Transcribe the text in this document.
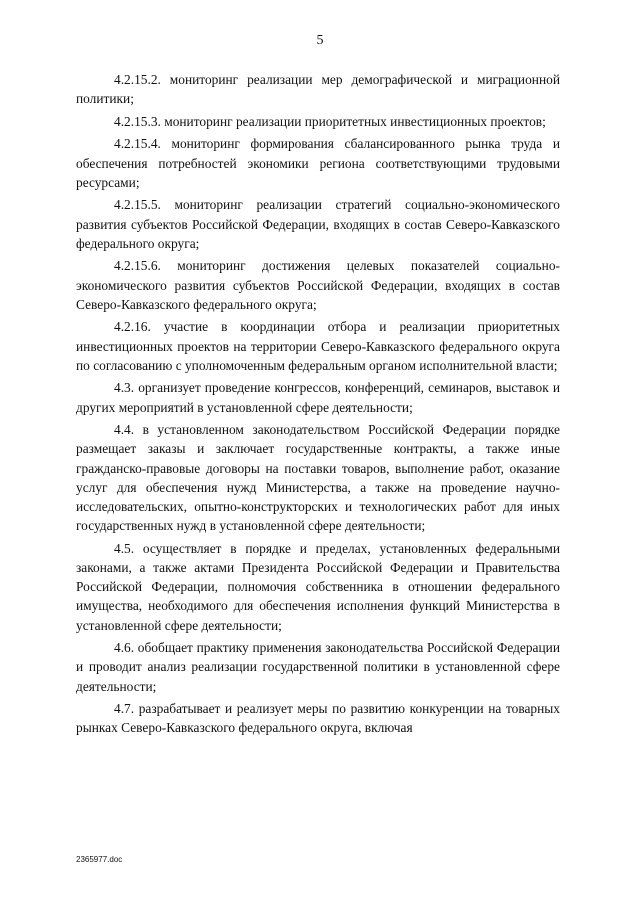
5

4.2.15.2. мониторинг реализации мер демографической и миграционной политики;

4.2.15.3. мониторинг реализации приоритетных инвестиционных проектов;

4.2.15.4. мониторинг формирования сбалансированного рынка труда и обеспечения потребностей экономики региона соответствующими трудовыми ресурсами;

4.2.15.5. мониторинг реализации стратегий социально-экономического развития субъектов Российской Федерации, входящих в состав Северо-Кавказского федерального округа;

4.2.15.6. мониторинг достижения целевых показателей социально-экономического развития субъектов Российской Федерации, входящих в состав Северо-Кавказского федерального округа;

4.2.16. участие в координации отбора и реализации приоритетных инвестиционных проектов на территории Северо-Кавказского федерального округа по согласованию с уполномоченным федеральным органом исполнительной власти;

4.3. организует проведение конгрессов, конференций, семинаров, выставок и других мероприятий в установленной сфере деятельности;

4.4. в установленном законодательством Российской Федерации порядке размещает заказы и заключает государственные контракты, а также иные гражданско-правовые договоры на поставки товаров, выполнение работ, оказание услуг для обеспечения нужд Министерства, а также на проведение научно-исследовательских, опытно-конструкторских и технологических работ для иных государственных нужд в установленной сфере деятельности;

4.5. осуществляет в порядке и пределах, установленных федеральными законами, а также актами Президента Российской Федерации и Правительства Российской Федерации, полномочия собственника в отношении федерального имущества, необходимого для обеспечения исполнения функций Министерства в установленной сфере деятельности;

4.6. обобщает практику применения законодательства Российской Федерации и проводит анализ реализации государственной политики в установленной сфере деятельности;

4.7. разрабатывает и реализует меры по развитию конкуренции на товарных рынках Северо-Кавказского федерального округа, включая

2365977.doc
